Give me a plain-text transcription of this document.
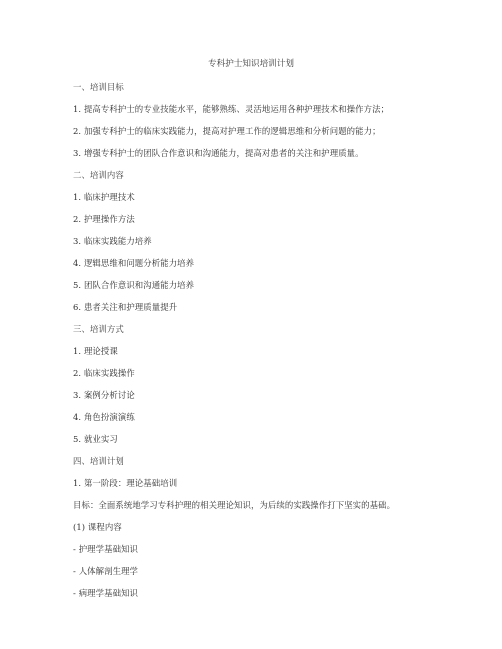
专科护士知识培训计划
一、培训目标
1. 提高专科护士的专业技能水平，能够熟练、灵活地运用各种护理技术和操作方法；
2. 加强专科护士的临床实践能力，提高对护理工作的逻辑思维和分析问题的能力；
3. 增强专科护士的团队合作意识和沟通能力，提高对患者的关注和护理质量。
二、培训内容
1. 临床护理技术
2. 护理操作方法
3. 临床实践能力培养
4. 逻辑思维和问题分析能力培养
5. 团队合作意识和沟通能力培养
6. 患者关注和护理质量提升
三、培训方式
1. 理论授课
2. 临床实践操作
3. 案例分析讨论
4. 角色扮演演练
5. 就业实习
四、培训计划
1. 第一阶段：理论基础培训
目标：全面系统地学习专科护理的相关理论知识，为后续的实践操作打下坚实的基础。
(1) 课程内容
- 护理学基础知识
- 人体解剖生理学
- 病理学基础知识
